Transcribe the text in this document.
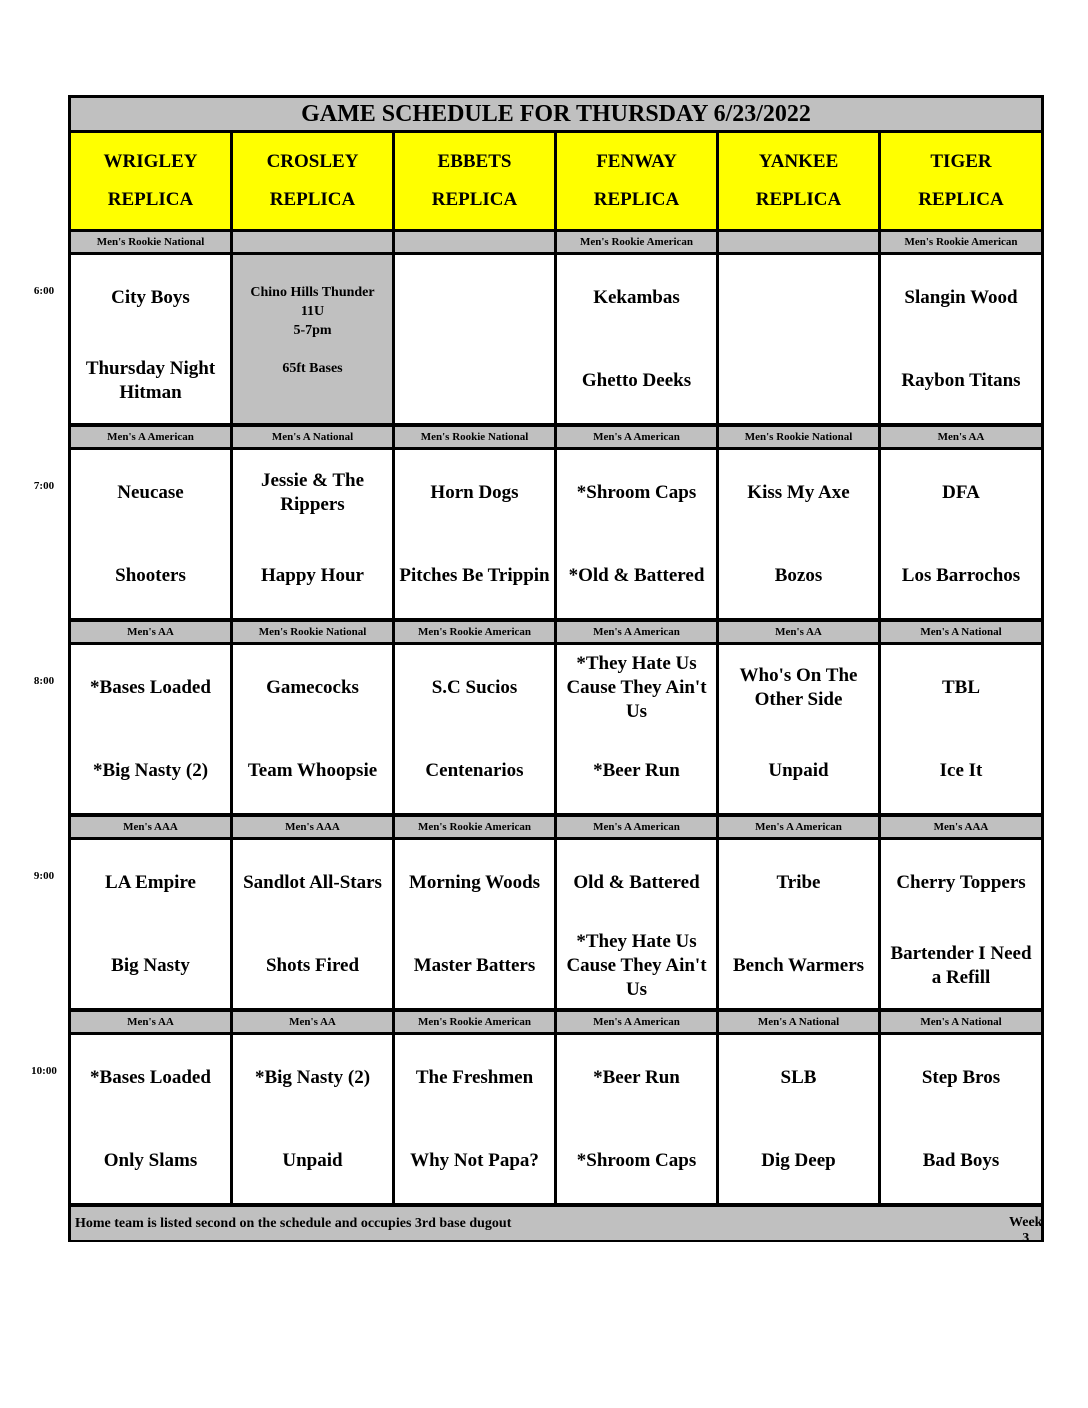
GAME SCHEDULE FOR THURSDAY 6/23/2022
WRIGLEY
REPLICA
CROSLEY
REPLICA
EBBETS
REPLICA
FENWAY
REPLICA
YANKEE
REPLICA
TIGER
REPLICA
Men's Rookie National
City Boys
Thursday Night Hitman
Chino Hills Thunder
11U
5-7pm
65ft Bases
Men's Rookie American
Kekambas
Ghetto Deeks
Men's Rookie American
Slangin Wood
Raybon Titans
Men's A American
Neucase
Shooters
Men's A National
Jessie & The Rippers
Happy Hour
Men's Rookie National
Horn Dogs
Pitches Be Trippin
Men's A American
*Shroom Caps
*Old & Battered
Men's Rookie National
Kiss My Axe
Bozos
Men's AA
DFA
Los Barrochos
Men's AA
*Bases Loaded
*Big Nasty (2)
Men's Rookie National
Gamecocks
Team Whoopsie
Men's Rookie American
S.C Sucios
Centenarios
Men's A American
*They Hate Us Cause They Ain't Us
*Beer Run
Men's AA
Who's On The Other Side
Unpaid
Men's A National
TBL
Ice It
Men's AAA
LA Empire
Big Nasty
Men's AAA
Sandlot All-Stars
Shots Fired
Men's Rookie American
Morning Woods
Master Batters
Men's A American
Old & Battered
*They Hate Us Cause They Ain't Us
Men's A American
Tribe
Bench Warmers
Men's AAA
Cherry Toppers
Bartender I Need a Refill
Men's AA
*Bases Loaded
Only Slams
Men's AA
*Big Nasty (2)
Unpaid
Men's Rookie American
The Freshmen
Why Not Papa?
Men's A American
*Beer Run
*Shroom Caps
Men's A National
SLB
Dig Deep
Men's A National
Step Bros
Bad Boys
Home team is listed second on the schedule and occupies 3rd base dugout	Week 3
6:00
7:00
8:00
9:00
10:00
